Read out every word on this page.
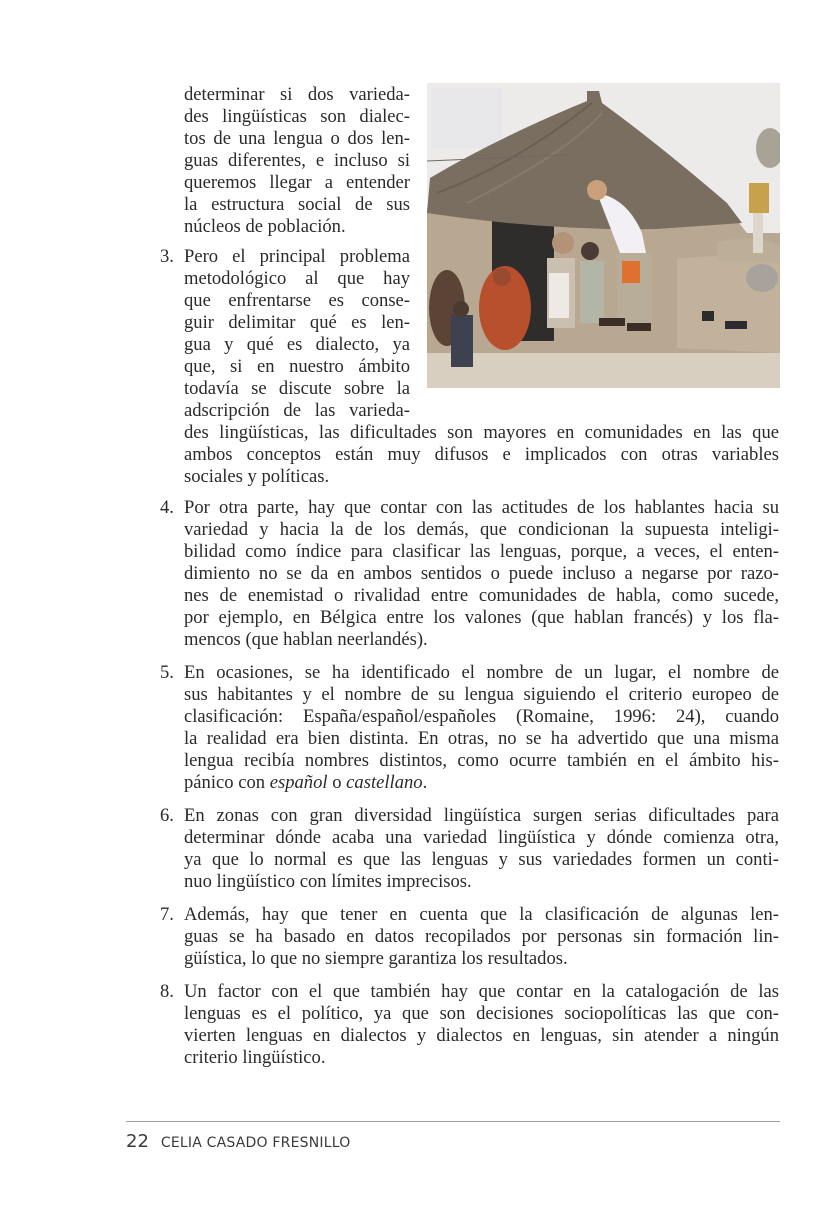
determinar si dos varieda-
des lingüísticas son dialec-
tos de una lengua o dos len-
guas diferentes, e incluso si
queremos llegar a entender
la estructura social de sus
núcleos de población.
3. Pero el principal problema
metodológico al que hay
que enfrentarse es conse-
guir delimitar qué es len-
gua y qué es dialecto, ya
que, si en nuestro ámbito
todavía se discute sobre la
adscripción de las varieda-
des lingüísticas, las dificultades son mayores en comunidades en las que
ambos conceptos están muy difusos e implicados con otras variables
sociales y políticas.
4. Por otra parte, hay que contar con las actitudes de los hablantes hacia su
variedad y hacia la de los demás, que condicionan la supuesta inteligi-
bilidad como índice para clasificar las lenguas, porque, a veces, el enten-
dimiento no se da en ambos sentidos o puede incluso a negarse por razo-
nes de enemistad o rivalidad entre comunidades de habla, como sucede,
por ejemplo, en Bélgica entre los valones (que hablan francés) y los fla-
mencos (que hablan neerlandés).
5. En ocasiones, se ha identificado el nombre de un lugar, el nombre de
sus habitantes y el nombre de su lengua siguiendo el criterio europeo de
clasificación: España/español/españoles (Romaine, 1996: 24), cuando
la realidad era bien distinta. En otras, no se ha advertido que una misma
lengua recibía nombres distintos, como ocurre también en el ámbito his-
pánico con español o castellano.
6. En zonas con gran diversidad lingüística surgen serias dificultades para
determinar dónde acaba una variedad lingüística y dónde comienza otra,
ya que lo normal es que las lenguas y sus variedades formen un conti-
nuo lingüístico con límites imprecisos.
7. Además, hay que tener en cuenta que la clasificación de algunas len-
guas se ha basado en datos recopilados por personas sin formación lin-
güística, lo que no siempre garantiza los resultados.
8. Un factor con el que también hay que contar en la catalogación de las
lenguas es el político, ya que son decisiones sociopolíticas las que con-
vierten lenguas en dialectos y dialectos en lenguas, sin atender a ningún
criterio lingüístico.
22 CELIA CASADO FRESNILLO
